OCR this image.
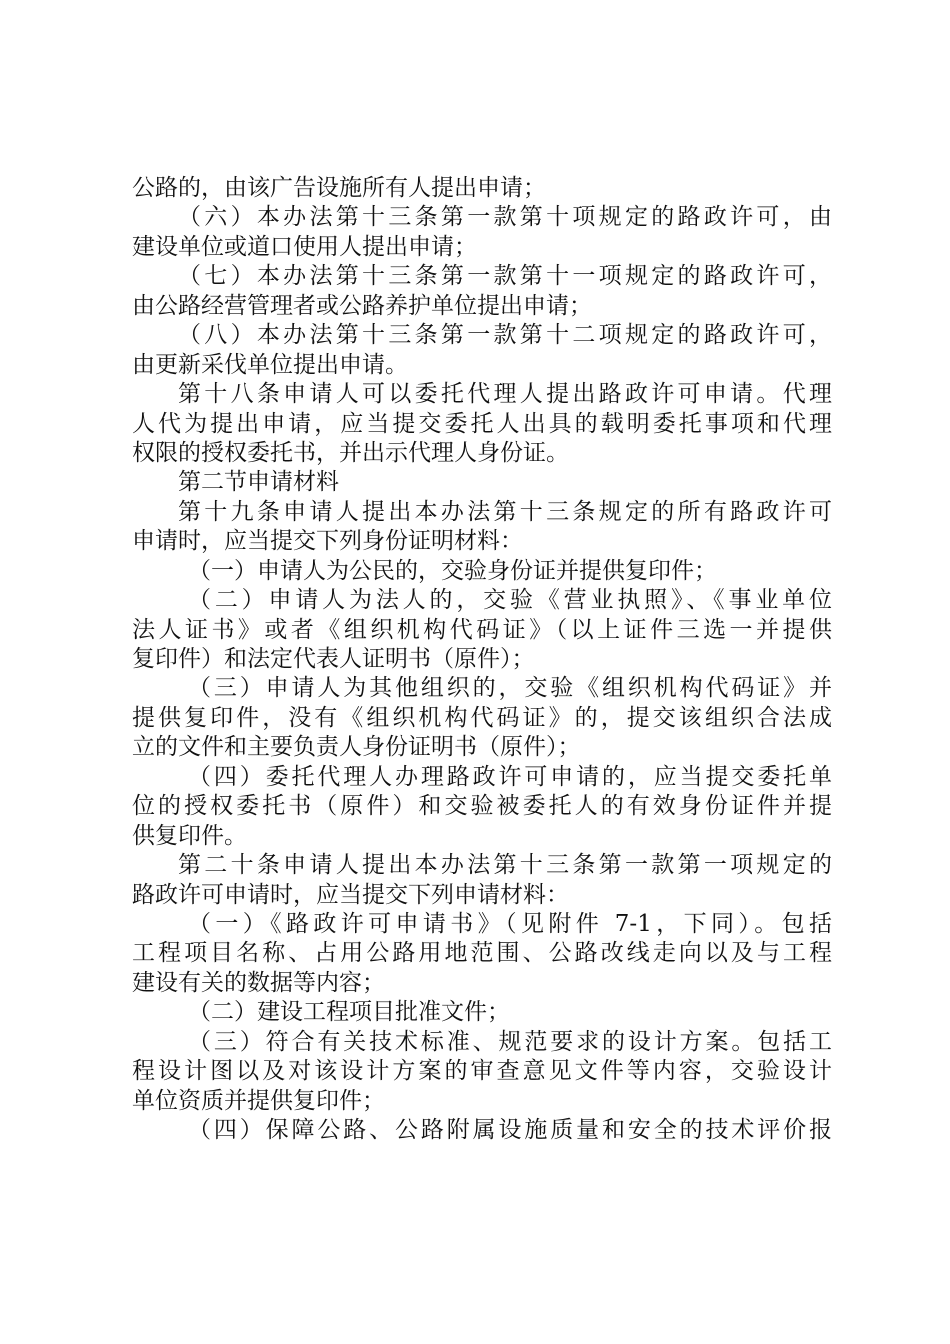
公路的，由该广告设施所有人提出申请；
（六）本办法第十三条第一款第十项规定的路政许可，由
建设单位或道口使用人提出申请；
（七）本办法第十三条第一款第十一项规定的路政许可，
由公路经营管理者或公路养护单位提出申请；
（八）本办法第十三条第一款第十二项规定的路政许可，
由更新采伐单位提出申请。
第十八条申请人可以委托代理人提出路政许可申请。代理
人代为提出申请，应当提交委托人出具的载明委托事项和代理
权限的授权委托书，并出示代理人身份证。
第二节申请材料
第十九条申请人提出本办法第十三条规定的所有路政许可
申请时，应当提交下列身份证明材料：
（一）申请人为公民的，交验身份证并提供复印件；
（二）申请人为法人的，交验《营业执照》、《事业单位
法人证书》或者《组织机构代码证》（以上证件三选一并提供
复印件）和法定代表人证明书（原件）；
（三）申请人为其他组织的，交验《组织机构代码证》并
提供复印件，没有《组织机构代码证》的，提交该组织合法成
立的文件和主要负责人身份证明书（原件）；
（四）委托代理人办理路政许可申请的，应当提交委托单
位的授权委托书（原件）和交验被委托人的有效身份证件并提
供复印件。
第二十条申请人提出本办法第十三条第一款第一项规定的
路政许可申请时，应当提交下列申请材料：
（一）《路政许可申请书》（见附件 7-1，下同）。包括
工程项目名称、占用公路用地范围、公路改线走向以及与工程
建设有关的数据等内容；
（二）建设工程项目批准文件；
（三）符合有关技术标准、规范要求的设计方案。包括工
程设计图以及对该设计方案的审查意见文件等内容，交验设计
单位资质并提供复印件；
（四）保障公路、公路附属设施质量和安全的技术评价报
